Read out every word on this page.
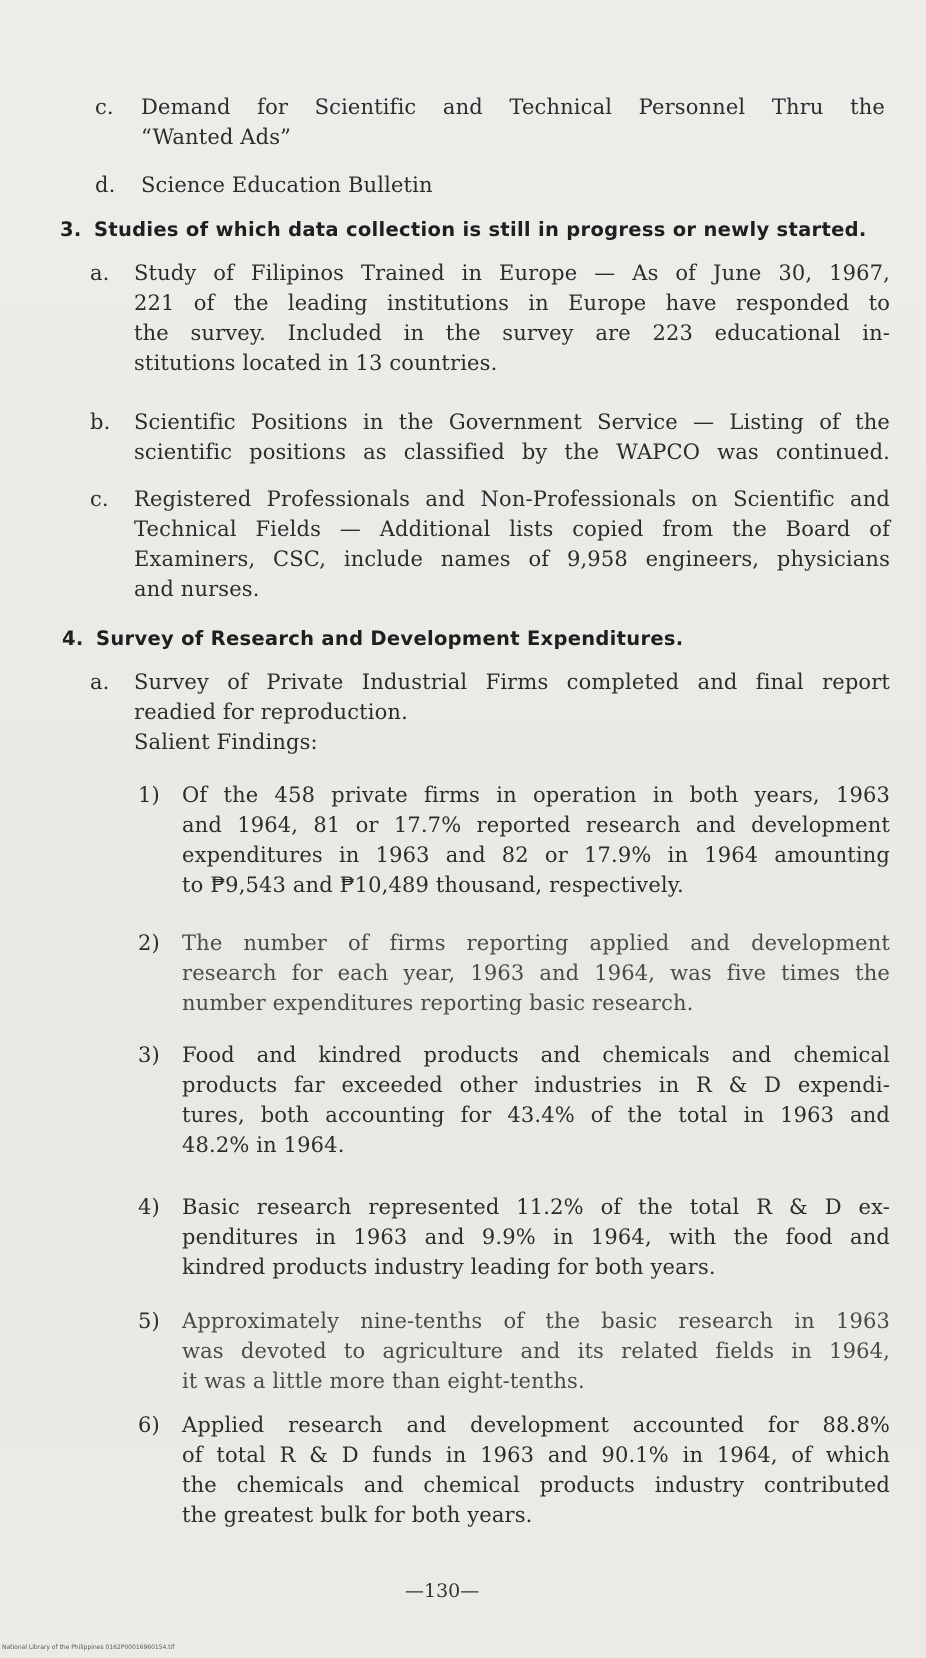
c.	Demand for Scientific and Technical Personnel Thru the
“Wanted Ads”
d.	Science Education Bulletin
3. Studies of which data collection is still in progress or newly started.
a.	Study of Filipinos Trained in Europe — As of June 30, 1967,
221 of the leading institutions in Europe have responded to
the survey. Included in the survey are 223 educational in-
stitutions located in 13 countries.
b.	Scientific Positions in the Government Service — Listing of the
scientific positions as classified by the WAPCO was continued.
c.	Registered Professionals and Non-Professionals on Scientific and
Technical Fields — Additional lists copied from the Board of
Examiners, CSC, include names of 9,958 engineers, physicians
and nurses.
4. Survey of Research and Development Expenditures.
a.	Survey of Private Industrial Firms completed and final report
readied for reproduction.
Salient Findings:
1)	Of the 458 private firms in operation in both years, 1963
and 1964, 81 or 17.7% reported research and development
expenditures in 1963 and 82 or 17.9% in 1964 amounting
to ₱9,543 and ₱10,489 thousand, respectively.
2)	The number of firms reporting applied and development
research for each year, 1963 and 1964, was five times the
number expenditures reporting basic research.
3)	Food and kindred products and chemicals and chemical
products far exceeded other industries in R & D expendi-
tures, both accounting for 43.4% of the total in 1963 and
48.2% in 1964.
4)	Basic research represented 11.2% of the total R & D ex-
penditures in 1963 and 9.9% in 1964, with the food and
kindred products industry leading for both years.
5)	Approximately nine-tenths of the basic research in 1963
was devoted to agriculture and its related fields in 1964,
it was a little more than eight-tenths.
6)	Applied research and development accounted for 88.8%
of total R & D funds in 1963 and 90.1% in 1964, of which
the chemicals and chemical products industry contributed
the greatest bulk for both years.
—130—
National Library of the Philippines 0162P00016960154.tif
